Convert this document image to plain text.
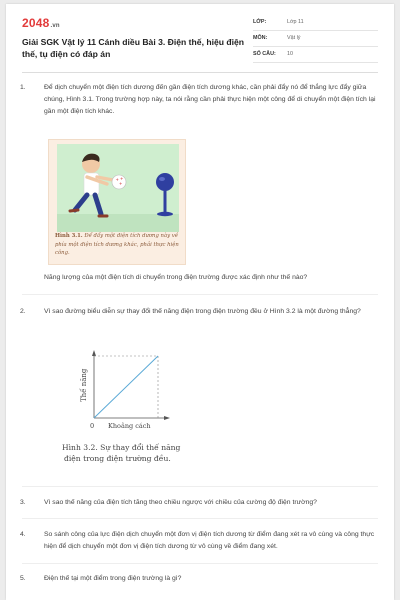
2048.vn
Giải SGK Vật lý 11 Cánh diều Bài 3. Điện thế, hiệu điện thế, tụ điện có đáp án
LỚP:	Lớp 11
MÔN:	Vật lý
SỐ CÂU: 10
1.	Để dịch chuyển một điện tích dương đến gần điện tích dương khác, cần phải đẩy nó để thắng lực đẩy giữa chúng, Hình 3.1. Trong trường hợp này, ta nói rằng cần phải thực hiện một công để di chuyển một điện tích lại gần một điện tích khác.
+
+
+
Hình 3.1. Để đẩy một điện tích dương này về phía một điện tích dương khác, phải thực hiện công.
Năng lượng của một điện tích di chuyển trong điện trường được xác định như thế nào?
2.	Vì sao đường biểu diễn sự thay đổi thế năng điện trong điện trường đều ở Hình 3.2 là một đường thẳng?
Thế năng
0 Khoảng cách
Hình 3.2. Sự thay đổi thế năng
điện trong điện trường đều.
3.	Vì sao thế năng của điện tích tăng theo chiều ngược với chiều của cường độ điện trường?
4.	So sánh công của lực điện dịch chuyển một đơn vị điện tích dương từ điểm đang xét ra vô cùng và công thực hiện để dịch chuyển một đơn vị điện tích dương từ vô cùng về điểm đang xét.
5.	Điện thế tại một điểm trong điện trường là gì?
